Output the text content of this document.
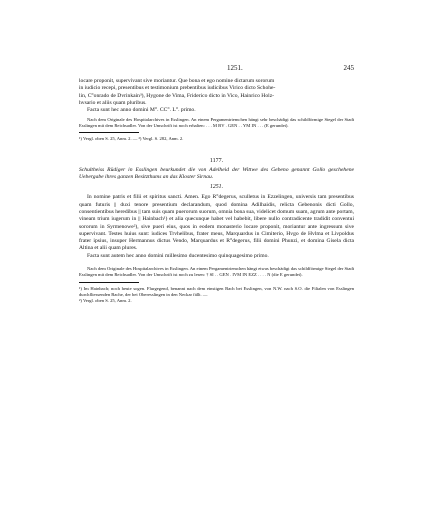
1251.	245

locare proponit, supervivant sive moriantur. Que bona et ego nomine dictarum sororum

in iudicio recepi, presentibus et testimonium prebentibus iudicibus Virico dicto Schohe-

lin, C°onrado de Dvrinkain³), Hygone de Vima, Friderico dicto in Vico, Hainrico Holz-

hvsario et aliis quam pluribus.

Facta sunt hec anno domini M°. CC°. L°. primo.

Nach dem Originale des Hospitalarchives in Esslingen. An einem Pergamentriemchen hängt sehr beschädigt das schildförmige Siegel der Stadt Esslingen mit dem Reichsadler. Von der Umschrift ist noch erhalten: . . . M BV . GEN . . YM IN . . . (E gerundet).

¹) Vergl. oben S. 25, Anm. 2. — ²) Vergl. S. 282, Anm. 2.

1177.

Schultheiss Rüdiger in Esslingen beurkundet die von Adelheid der Wittwe des Gebeno genannt Gollo geschehene Uebergabe ihres ganzen Besitzthums an das Kloster Sirnau.

1251.

In nomine patris et filii et spiritus sancti. Amen. Ego R°degerus, sculletus in Ezzelingen, universis tam presentibus quam futuris || duxi tenore presentium declarandum, quod domina Adilhaidis, relicta Gebenonis dicti Gollo, consentientibus heredibus || tam suis quam puerorum suorum, omnia bona sua, videlicet domum suam, agrum ante portam, vineam trium iugerum in || Hainbach¹) et alia quecunque habet vel habebit, libere nullo contradicente tradidit conventui sororum in Syrmenowe²), sive pueri eius, quos in eodem monasterio locare proponit, moriantur ante ingressum sive supervivant. Testes huius sunt: iudices Trvhelibus, frater meus, Marquardus in Cimiterio, Hvgo de Hvlma et Livpoldus frater ipsius, insuper Hermannus dictus Vendo, Marquardus et R°degerus, filii domini Phunzi, et domina Gisela dicta Altina et alii quam plures.

Facta sunt autem hec anno domini millesimo ducentesimo quinquagesimo primo.

Nach dem Originale des Hospitalarchives in Esslingen. An einem Pergamentriemchen hängt etwas beschädigt das schildförmige Siegel der Stadt Esslingen mit dem Reichsadler. Von der Umschrift ist noch zu lesen: † SI . . GEN . IVM IN EZZ . . . . N (die E gerundet).

¹) Im Hainbach; noch heute sogen. Flurgegend, benannt nach dem einstigen Bach bei Esslingen, von N.W. nach S.O. die Filialen von Esslingen durchfliessenden Bache, der bei Oberesslingen in den Neckar fällt. —

²) Vergl. oben S. 25, Anm. 2.
